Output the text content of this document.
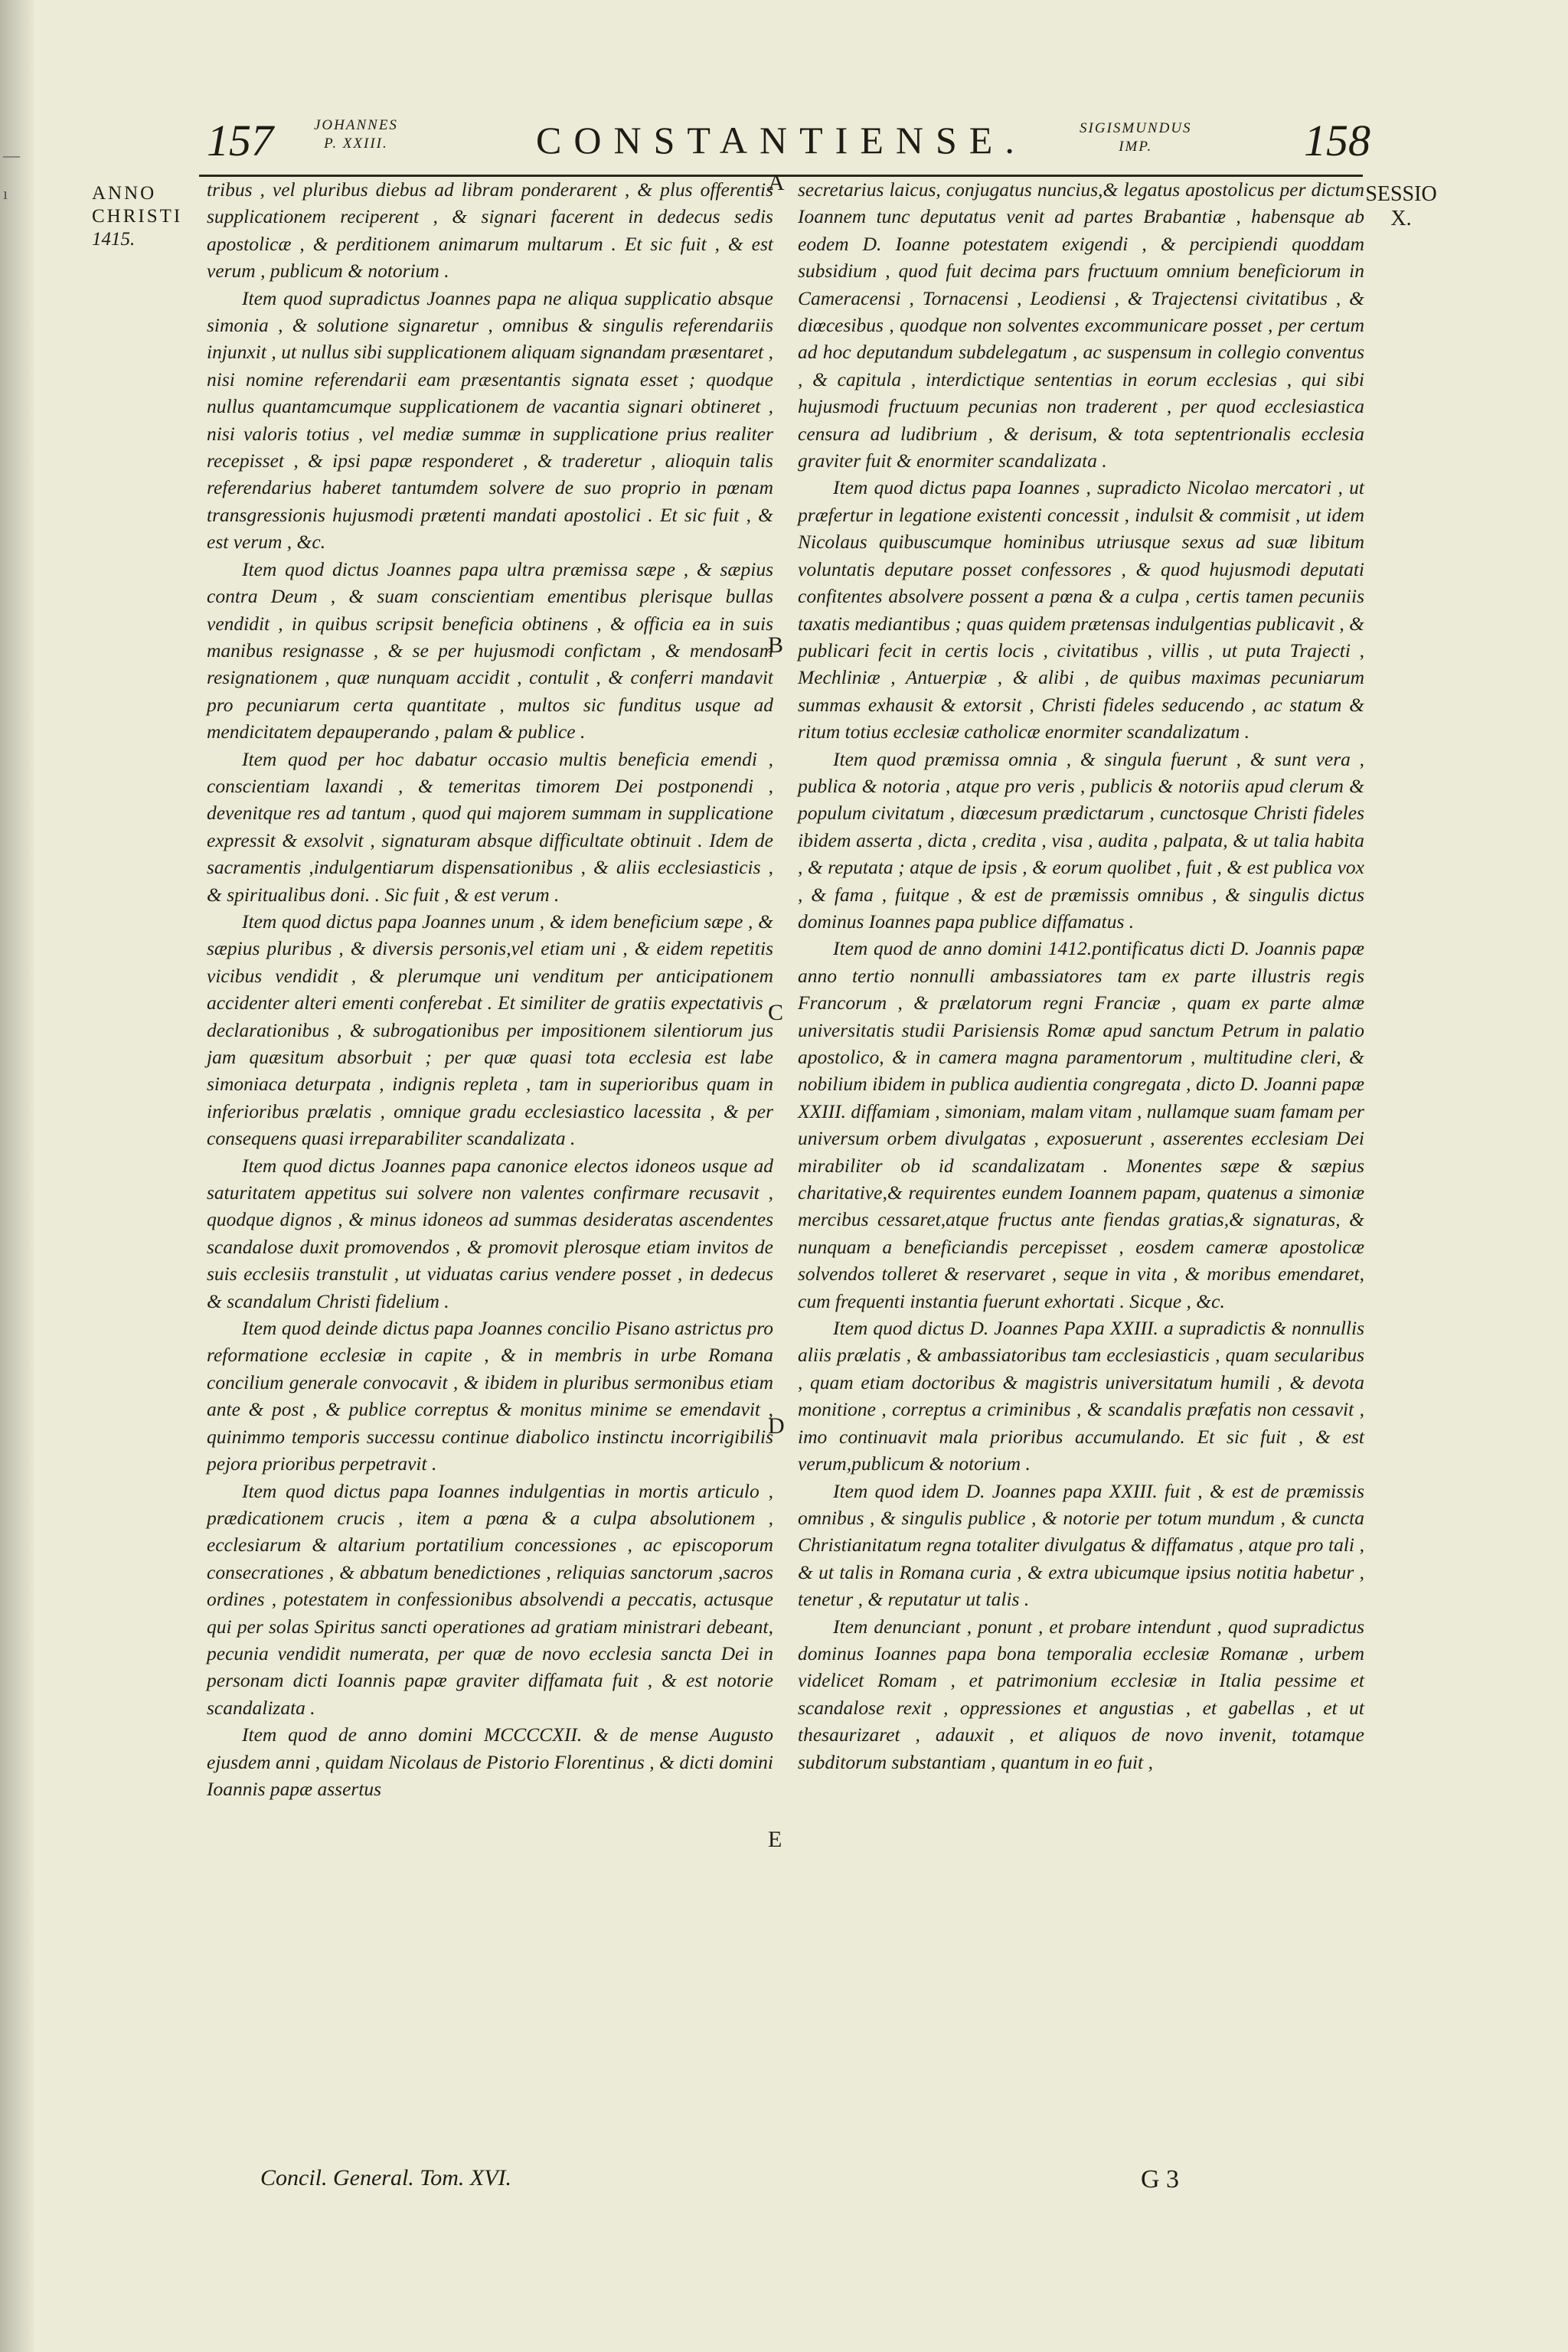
—
ı
157	JOHANNES
P. XXIII.	CONSTANTIENSE.	SIGISMUNDUS
IMP.	158
ANNO
CHRISTI
1415.
SESSIO
X.

tribus , vel pluribus diebus ad libram ponderarent , & plus offerentis supplicationem reciperent , & signari facerent in dedecus sedis apostolicæ , & perditionem animarum multarum . Et sic fuit , & est verum , publicum & notorium .

Item quod supradictus Joannes papa ne aliqua supplicatio absque simonia , & solutione signaretur , omnibus & singulis referendariis injunxit , ut nullus sibi supplicationem aliquam signandam præsentaret , nisi nomine referendarii eam præsentantis signata esset ; quodque nullus quantamcumque supplicationem de vacantia signari obtineret , nisi valoris totius , vel mediæ summæ in supplicatione prius realiter recepisset , & ipsi papæ responderet , & traderetur , alioquin talis referendarius haberet tantumdem solvere de suo proprio in pœnam transgressionis hujusmodi prætenti mandati apostolici . Et sic fuit , & est verum , &c.

Item quod dictus Joannes papa ultra præmissa sæpe , & sæpius contra Deum , & suam conscientiam ementibus plerisque bullas vendidit , in quibus scripsit beneficia obtinens , & officia ea in suis manibus resignasse , & se per hujusmodi confictam , & mendosam resignationem , quæ nunquam accidit , contulit , & conferri mandavit pro pecuniarum certa quantitate , multos sic funditus usque ad mendicitatem depauperando , palam & publice .

Item quod per hoc dabatur occasio multis beneficia emendi , conscientiam laxandi , & temeritas timorem Dei postponendi , devenitque res ad tantum , quod qui majorem summam in supplicatione expressit & exsolvit , signaturam absque difficultate obtinuit . Idem de sacramentis ,indulgentiarum dispensationibus , & aliis ecclesiasticis , & spiritualibus doni. . Sic fuit , & est verum .

Item quod dictus papa Joannes unum , & idem beneficium sæpe , & sæpius pluribus , & diversis personis,vel etiam uni , & eidem repetitis vicibus vendidit , & plerumque uni venditum per anticipationem accidenter alteri ementi conferebat . Et similiter de gratiis expectativis , declarationibus , & subrogationibus per impositionem silentiorum jus jam quæsitum absorbuit ; per quæ quasi tota ecclesia est labe simoniaca deturpata , indignis repleta , tam in superioribus quam in inferioribus prælatis , omnique gradu ecclesiastico lacessita , & per consequens quasi irreparabiliter scandalizata .

Item quod dictus Joannes papa canonice electos idoneos usque ad saturitatem appetitus sui solvere non valentes confirmare recusavit , quodque dignos , & minus idoneos ad summas desideratas ascendentes scandalose duxit promovendos , & promovit plerosque etiam invitos de suis ecclesiis transtulit , ut viduatas carius vendere posset , in dedecus & scandalum Christi fidelium .

Item quod deinde dictus papa Joannes concilio Pisano astrictus pro reformatione ecclesiæ in capite , & in membris in urbe Romana concilium generale convocavit , & ibidem in pluribus sermonibus etiam ante & post , & publice correptus & monitus minime se emendavit , quinimmo temporis successu continue diabolico instinctu incorrigibilis pejora prioribus perpetravit .

Item quod dictus papa Ioannes indulgentias in mortis articulo , prædicationem crucis , item a pœna & a culpa absolutionem , ecclesiarum & altarium portatilium concessiones , ac episcoporum consecrationes , & abbatum benedictiones , reliquias sanctorum ,sacros ordines , potestatem in confessionibus absolvendi a peccatis, actusque qui per solas Spiritus sancti operationes ad gratiam ministrari debeant, pecunia vendidit numerata, per quæ de novo ecclesia sancta Dei in personam dicti Ioannis papæ graviter diffamata fuit , & est notorie scandalizata .

Item quod de anno domini MCCCCXII. & de mense Augusto ejusdem anni , quidam Nicolaus de Pistorio Florentinus , & dicti domini Ioannis papæ assertus

secretarius laicus, conjugatus nuncius,& legatus apostolicus per dictum Ioannem tunc deputatus venit ad partes Brabantiæ , habensque ab eodem D. Ioanne potestatem exigendi , & percipiendi quoddam subsidium , quod fuit decima pars fructuum omnium beneficiorum in Cameracensi , Tornacensi , Leodiensi , & Trajectensi civitatibus , & diœcesibus , quodque non solventes excommunicare posset , per certum ad hoc deputandum subdelegatum , ac suspensum in collegio conventus , & capitula , interdictique sententias in eorum ecclesias , qui sibi hujusmodi fructuum pecunias non traderent , per quod ecclesiastica censura ad ludibrium , & derisum, & tota septentrionalis ecclesia graviter fuit & enormiter scandalizata .

Item quod dictus papa Ioannes , supradicto Nicolao mercatori , ut præfertur in legatione existenti concessit , indulsit & commisit , ut idem Nicolaus quibuscumque hominibus utriusque sexus ad suæ libitum voluntatis deputare posset confessores , & quod hujusmodi deputati confitentes absolvere possent a pœna & a culpa , certis tamen pecuniis taxatis mediantibus ; quas quidem prætensas indulgentias publicavit , & publicari fecit in certis locis , civitatibus , villis , ut puta Trajecti , Mechliniæ , Antuerpiæ , & alibi , de quibus maximas pecuniarum summas exhausit & extorsit , Christi fideles seducendo , ac statum & ritum totius ecclesiæ catholicæ enormiter scandalizatum .

Item quod præmissa omnia , & singula fuerunt , & sunt vera , publica & notoria , atque pro veris , publicis & notoriis apud clerum & populum civitatum , diœcesum prædictarum , cunctosque Christi fideles ibidem asserta , dicta , credita , visa , audita , palpata, & ut talia habita , & reputata ; atque de ipsis , & eorum quolibet , fuit , & est publica vox , & fama , fuitque , & est de præmissis omnibus , & singulis dictus dominus Ioannes papa publice diffamatus .

Item quod de anno domini 1412.pontificatus dicti D. Joannis papæ anno tertio nonnulli ambassiatores tam ex parte illustris regis Francorum , & prælatorum regni Franciæ , quam ex parte almæ universitatis studii Parisiensis Romæ apud sanctum Petrum in palatio apostolico, & in camera magna paramentorum , multitudine cleri, & nobilium ibidem in publica audientia congregata , dicto D. Joanni papæ XXIII. diffamiam , simoniam, malam vitam , nullamque suam famam per universum orbem divulgatas , exposuerunt , asserentes ecclesiam Dei mirabiliter ob id scandalizatam . Monentes sæpe & sæpius charitative,& requirentes eundem Ioannem papam, quatenus a simoniæ mercibus cessaret,atque fructus ante fiendas gratias,& signaturas, & nunquam a beneficiandis percepisset , eosdem cameræ apostolicæ solvendos tolleret & reservaret , seque in vita , & moribus emendaret, cum frequenti instantia fuerunt exhortati . Sicque , &c.

Item quod dictus D. Joannes Papa XXIII. a supradictis & nonnullis aliis prælatis , & ambassiatoribus tam ecclesiasticis , quam secularibus , quam etiam doctoribus & magistris universitatum humili , & devota monitione , correptus a criminibus , & scandalis præfatis non cessavit , imo continuavit mala prioribus accumulando. Et sic fuit , & est verum,publicum & notorium .

Item quod idem D. Joannes papa XXIII. fuit , & est de præmissis omnibus , & singulis publice , & notorie per totum mundum , & cuncta Christianitatum regna totaliter divulgatus & diffamatus , atque pro tali , & ut talis in Romana curia , & extra ubicumque ipsius notitia habetur , tenetur , & reputatur ut talis .

Item denunciant , ponunt , et probare intendunt , quod supradictus dominus Ioannes papa bona temporalia ecclesiæ Romanæ , urbem videlicet Romam , et patrimonium ecclesiæ in Italia pessime et scandalose rexit , oppressiones et angustias , et gabellas , et ut thesaurizaret , adauxit , et aliquos de novo invenit, totamque subditorum substantiam , quantum in eo fuit ,

A
B
C
D
E
Concil. General. Tom. XVI.	G 3
